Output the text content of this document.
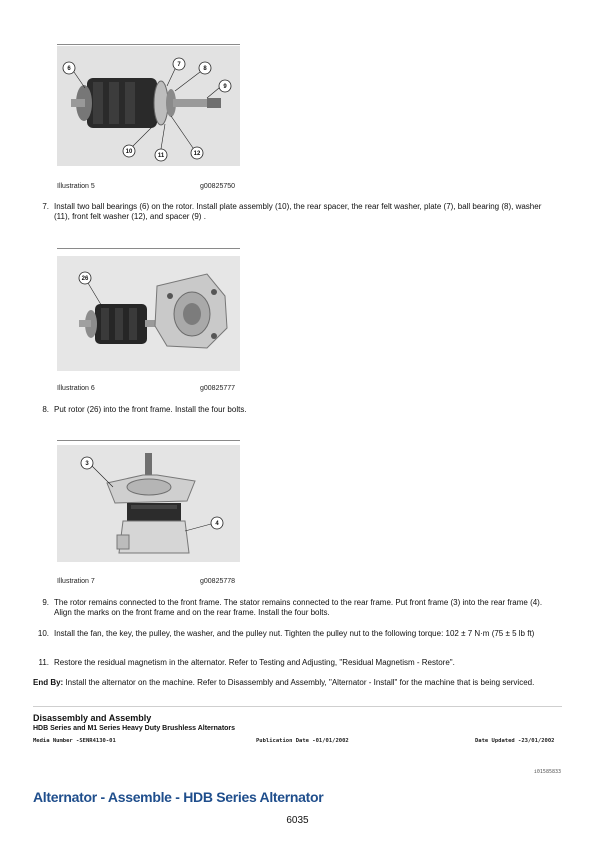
6
7
8
9
10
11	12
Illustration 5	g00825750
7. Install two ball bearings (6) on the rotor. Install plate assembly (10), the rear spacer, the rear felt washer, plate (7), ball bearing (8), washer (11), front felt washer (12), and spacer (9) .
26
Illustration 6	g00825777
8. Put rotor (26) into the front frame. Install the four bolts.
3
4
Illustration 7	g00825778
9. The rotor remains connected to the front frame. The stator remains connected to the rear frame. Put front frame (3) into the rear frame (4). Align the marks on the front frame and on the rear frame. Install the four bolts.
10. Install the fan, the key, the pulley, the washer, and the pulley nut. Tighten the pulley nut to the following torque: 102 ± 7 N·m (75 ± 5 lb ft)
11. Restore the residual magnetism in the alternator. Refer to Testing and Adjusting, "Residual Magnetism - Restore".
End By: Install the alternator on the machine. Refer to Disassembly and Assembly, "Alternator - Install" for the machine that is being serviced.
Disassembly and Assembly
HDB Series and M1 Series Heavy Duty Brushless Alternators
Media Number -SENR4130-01	Publication Date -01/01/2002	Date Updated -23/01/2002
i01585833
Alternator - Assemble - HDB Series Alternator
6035
